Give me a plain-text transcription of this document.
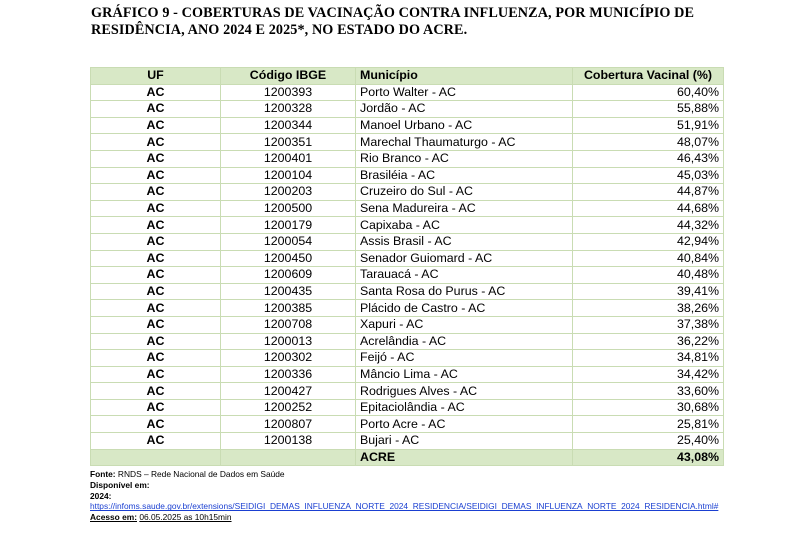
GRÁFICO 9 - COBERTURAS DE VACINAÇÃO CONTRA INFLUENZA, POR MUNICÍPIO DE RESIDÊNCIA, ANO 2024 E 2025*, NO ESTADO DO ACRE.
UF	Código IBGE	Município	Cobertura Vacinal (%)
AC	1200393	Porto Walter - AC	60,40%
AC	1200328	Jordão - AC	55,88%
AC	1200344	Manoel Urbano - AC	51,91%
AC	1200351	Marechal Thaumaturgo - AC	48,07%
AC	1200401	Rio Branco - AC	46,43%
AC	1200104	Brasiléia - AC	45,03%
AC	1200203	Cruzeiro do Sul - AC	44,87%
AC	1200500	Sena Madureira - AC	44,68%
AC	1200179	Capixaba - AC	44,32%
AC	1200054	Assis Brasil - AC	42,94%
AC	1200450	Senador Guiomard - AC	40,84%
AC	1200609	Tarauacá - AC	40,48%
AC	1200435	Santa Rosa do Purus - AC	39,41%
AC	1200385	Plácido de Castro - AC	38,26%
AC	1200708	Xapuri - AC	37,38%
AC	1200013	Acrelândia - AC	36,22%
AC	1200302	Feijó - AC	34,81%
AC	1200336	Mâncio Lima - AC	34,42%
AC	1200427	Rodrigues Alves - AC	33,60%
AC	1200252	Epitaciolândia - AC	30,68%
AC	1200807	Porto Acre - AC	25,81%
AC	1200138	Bujari - AC	25,40%
		ACRE	43,08%
Fonte: RNDS – Rede Nacional de Dados em Saúde
Disponível em:
2024:
https://infoms.saude.gov.br/extensions/SEIDIGI_DEMAS_INFLUENZA_NORTE_2024_RESIDENCIA/SEIDIGI_DEMAS_INFLUENZA_NORTE_2024_RESIDENCIA.html#
Acesso em: 06.05.2025 as 10h15min
